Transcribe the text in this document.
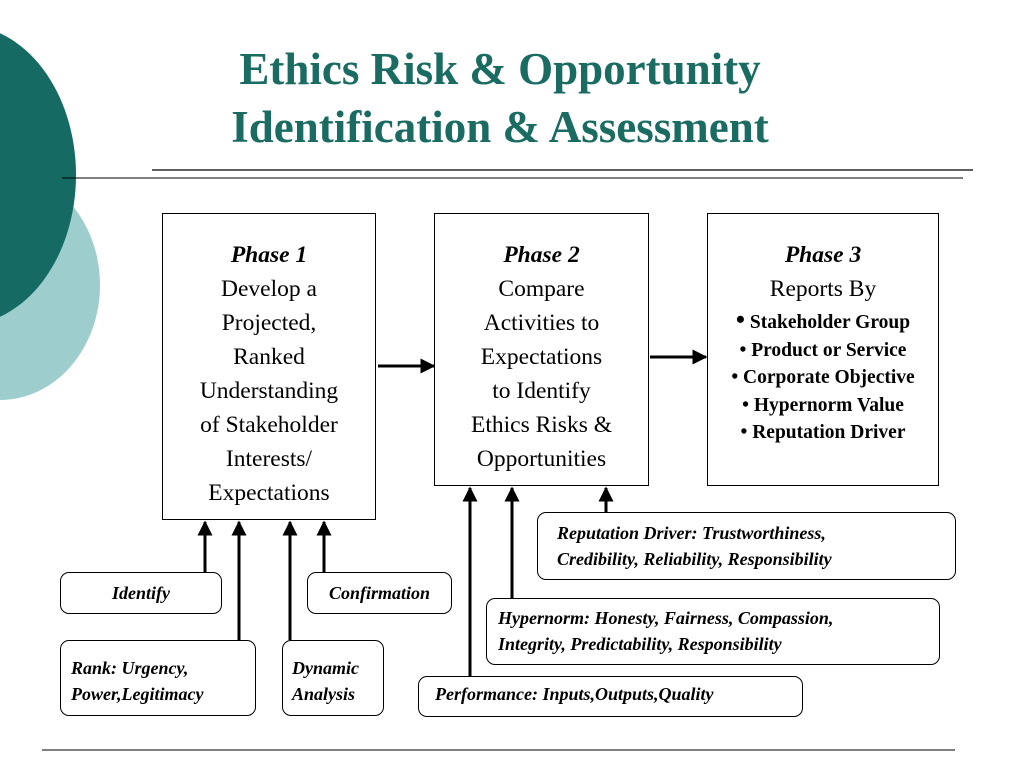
Ethics Risk & Opportunity
Identification & Assessment
Phase 1
Develop a
Projected,
Ranked
Understanding
of Stakeholder
Interests/
Expectations
Phase 2
Compare
Activities to
Expectations
to Identify
Ethics Risks &
Opportunities
Phase 3
Reports By
• Stakeholder Group
• Product or Service
• Corporate Objective
• Hypernorm Value
• Reputation Driver
Identify	Confirmation
Rank: Urgency,
Power,Legitimacy
Dynamic
Analysis
Reputation Driver: Trustworthiness,
Credibility, Reliability, Responsibility
Hypernorm: Honesty, Fairness, Compassion,
Integrity, Predictability, Responsibility
Performance: Inputs,Outputs,Quality
